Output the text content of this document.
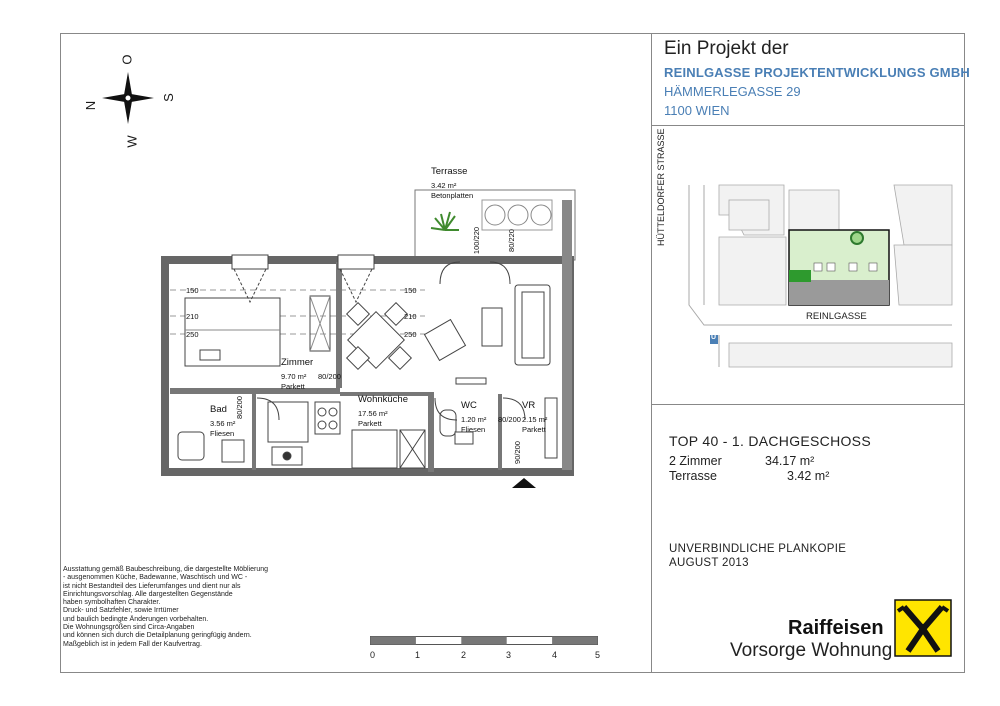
Ein Projekt der
REINLGASSE PROJEKTENTWICKLUNGS GMBH
HÄMMERLEGASSE 29
1100 WIEN
N
O
S
W
Terrasse
3.42 m²
Betonplatten
100/220	80/220
150
210
250
150
210
250
Zimmer
9.70 m²
Parkett
80/200
Wohnküche
17.56 m²
Parkett
Bad
3.56 m²
Fliesen
80/200	WC
1.20 m²
Fliesen
80/200
VR
2.15 m²
Parkett
90/200
HÜTTELDORFER STRASSE
REINLGASSE
U
TOP 40 - 1. DACHGESCHOSS
2 Zimmer	34.17 m²
Terrasse	3.42 m²
UNVERBINDLICHE PLANKOPIE
AUGUST 2013
Raiffeisen
Vorsorge Wohnung
Ausstattung gemäß Baubeschreibung, die dargestellte Möblierung
- ausgenommen Küche, Badewanne, Waschtisch und WC -
ist nicht Bestandteil des Lieferumfanges und dient nur als
Einrichtungsvorschlag. Alle dargestellten Gegenstände
haben symbolhaften Charakter.
Druck- und Satzfehler, sowie Irrtümer
und baulich bedingte Änderungen vorbehalten.
Die Wohnungsgrößen sind Circa-Angaben
und können sich durch die Detailplanung geringfügig ändern.
Maßgeblich ist in jedem Fall der Kaufvertrag.
0	1	2	3	4	5
